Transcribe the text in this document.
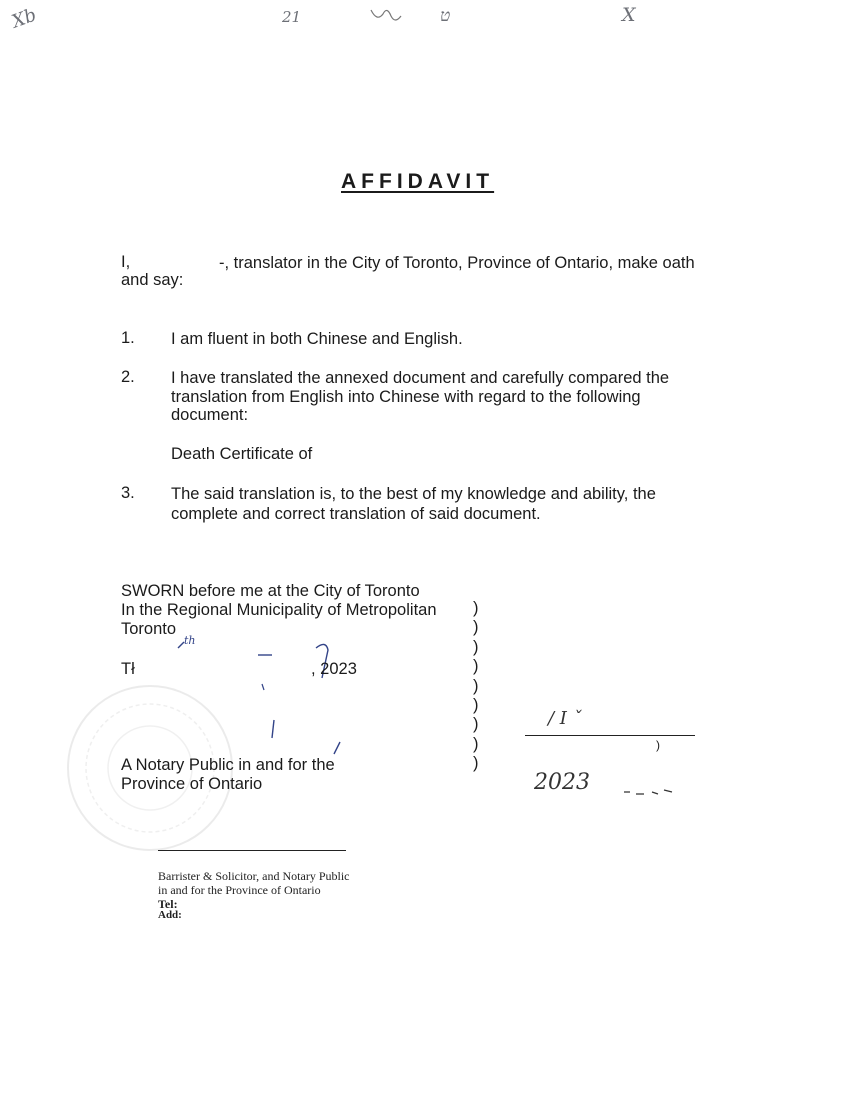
Xb	21	ט	X
AFFIDAVIT
I,	-, translator in the City of Toronto, Province of Ontario, make oath
and say:
1. I am fluent in both Chinese and English.
2. I have translated the annexed document and carefully compared the
translation from English into Chinese with regard to the following
document:
Death Certificate of
3. The said translation is, to the best of my knowledge and ability, the
complete and correct translation of said document.
SWORN before me at the City of Toronto
In the Regional Municipality of Metropolitan
Toronto
th
Tł	, 2023
A Notary Public in and for the
Province of Ontario
)
)
)
)
)
)
)
)
)
/ I ˇ
)
2023
Barrister & Solicitor, and Notary Public
in and for the Province of Ontario
Tel:
Add:
